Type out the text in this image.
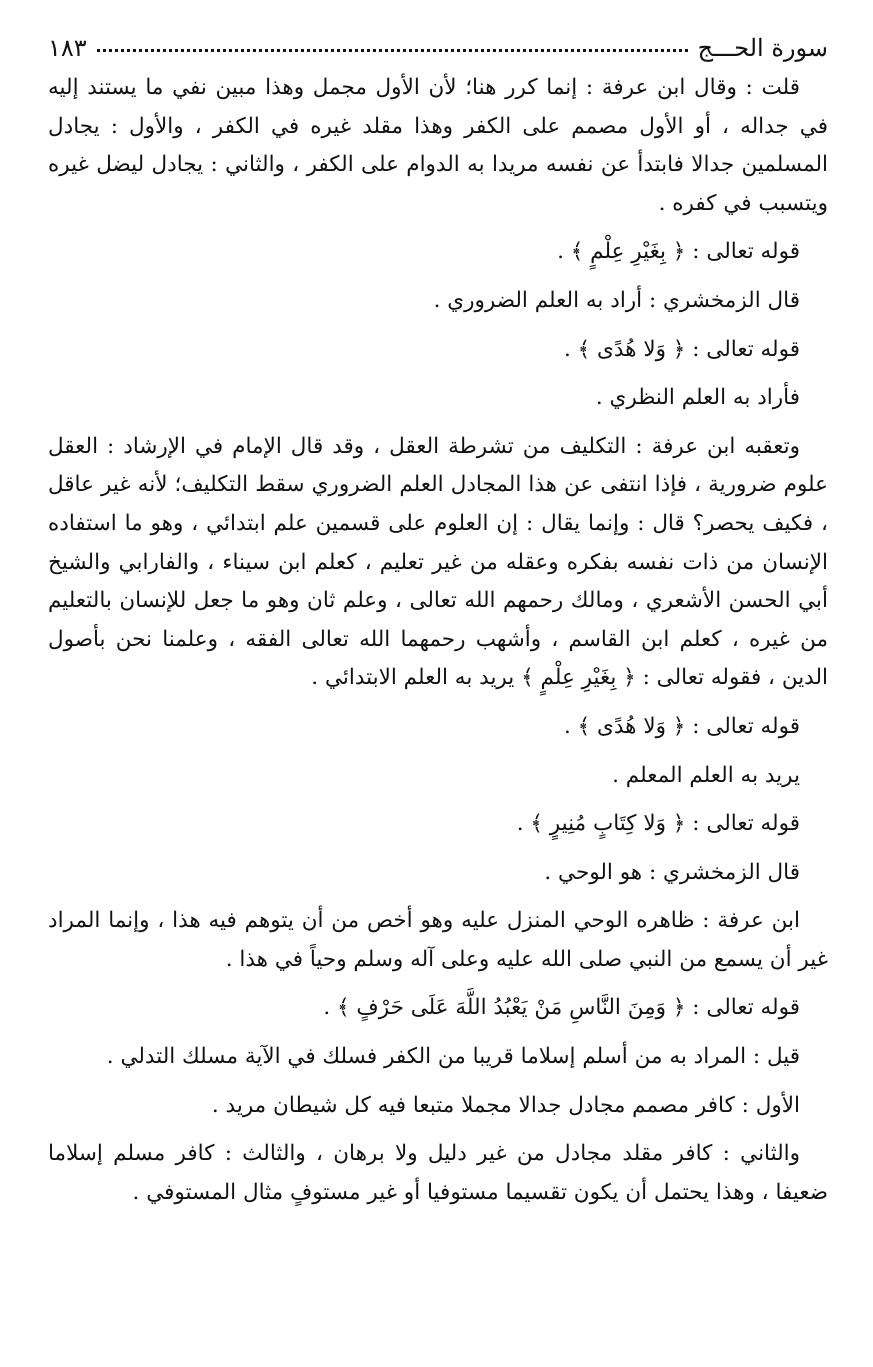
سورة الحـــج
١٨٣

قلت : وقال ابن عرفة : إنما كرر هنا؛ لأن الأول مجمل وهذا مبين نفي ما يستند إليه في جداله ، أو الأول مصمم على الكفر وهذا مقلد غيره في الكفر ، والأول : يجادل المسلمين جدالا فابتدأ عن نفسه مريدا به الدوام على الكفر ، والثاني : يجادل ليضل غيره ويتسبب في كفره .

قوله تعالى : ﴿ بِغَيْرِ عِلْمٍ ﴾ .

قال الزمخشري : أراد به العلم الضروري .

قوله تعالى : ﴿ وَلا هُدًى ﴾ .

فأراد به العلم النظري .

وتعقبه ابن عرفة : التكليف من تشرطة العقل ، وقد قال الإمام في الإرشاد : العقل علوم ضرورية ، فإذا انتفى عن هذا المجادل العلم الضروري سقط التكليف؛ لأنه غير عاقل ، فكيف يحصر؟ قال : وإنما يقال : إن العلوم على قسمين علم ابتدائي ، وهو ما استفاده الإنسان من ذات نفسه بفكره وعقله من غير تعليم ، كعلم ابن سيناء ، والفارابي والشيخ أبي الحسن الأشعري ، ومالك رحمهم الله تعالى ، وعلم ثان وهو ما جعل للإنسان بالتعليم من غيره ، كعلم ابن القاسم ، وأشهب رحمهما الله تعالى الفقه ، وعلمنا نحن بأصول الدين ، فقوله تعالى : ﴿ بِغَيْرِ عِلْمٍ ﴾ يريد به العلم الابتدائي .

قوله تعالى : ﴿ وَلا هُدًى ﴾ .

يريد به العلم المعلم .

قوله تعالى : ﴿ وَلا كِتَابٍ مُنِيرٍ ﴾ .

قال الزمخشري : هو الوحي .

ابن عرفة : ظاهره الوحي المنزل عليه وهو أخص من أن يتوهم فيه هذا ، وإنما المراد غير أن يسمع من النبي صلى الله عليه وعلى آله وسلم وحياً في هذا .

قوله تعالى : ﴿ وَمِنَ النَّاسِ مَنْ يَعْبُدُ اللَّهَ عَلَى حَرْفٍ ﴾ .

قيل : المراد به من أسلم إسلاما قريبا من الكفر فسلك في الآية مسلك التدلي .

الأول : كافر مصمم مجادل جدالا مجملا متبعا فيه كل شيطان مريد .

والثاني : كافر مقلد مجادل من غير دليل ولا برهان ، والثالث : كافر مسلم إسلاما ضعيفا ، وهذا يحتمل أن يكون تقسيما مستوفيا أو غير مستوفٍ مثال المستوفي .
